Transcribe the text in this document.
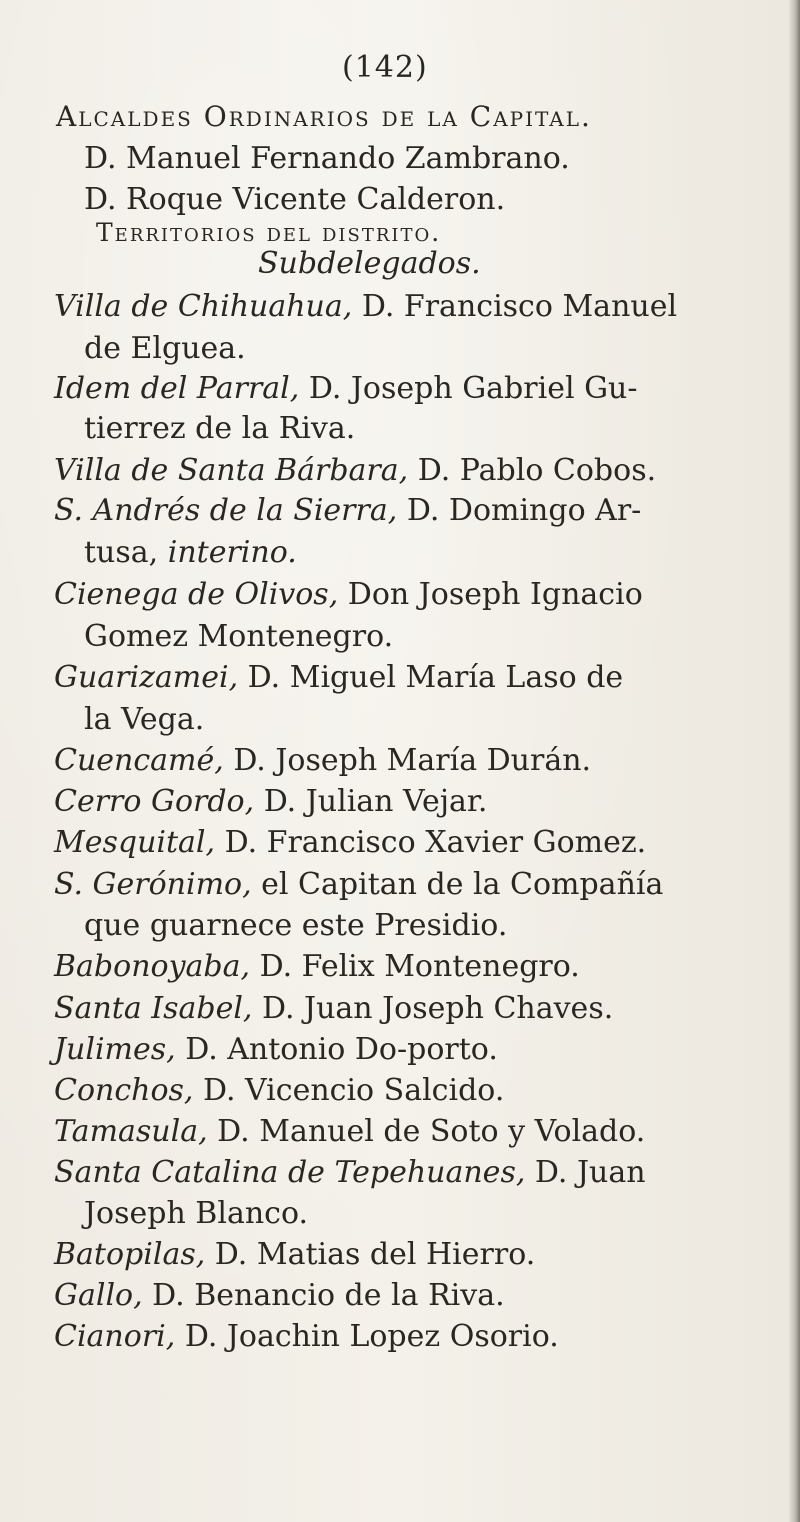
(142)
Alcaldes Ordinarios de la Capital.
D. Manuel Fernando Zambrano.
D. Roque Vicente Calderon.
Territorios del distrito.
Subdelegados.
Villa de Chihuahua, D. Francisco Manuel
de Elguea.
Idem del Parral, D. Joseph Gabriel Gu-
tierrez de la Riva.
Villa de Santa Bárbara, D. Pablo Cobos.
S. Andrés de la Sierra, D. Domingo Ar-
tusa, interino.
Cienega de Olivos, Don Joseph Ignacio
Gomez Montenegro.
Guarizamei, D. Miguel María Laso de
la Vega.
Cuencamé, D. Joseph María Durán.
Cerro Gordo, D. Julian Vejar.
Mesquital, D. Francisco Xavier Gomez.
S. Gerónimo, el Capitan de la Compañía
que guarnece este Presidio.
Babonoyaba, D. Felix Montenegro.
Santa Isabel, D. Juan Joseph Chaves.
Julimes, D. Antonio Do-porto.
Conchos, D. Vicencio Salcido.
Tamasula, D. Manuel de Soto y Volado.
Santa Catalina de Tepehuanes, D. Juan
Joseph Blanco.
Batopilas, D. Matias del Hierro.
Gallo, D. Benancio de la Riva.
Cianori, D. Joachin Lopez Osorio.
